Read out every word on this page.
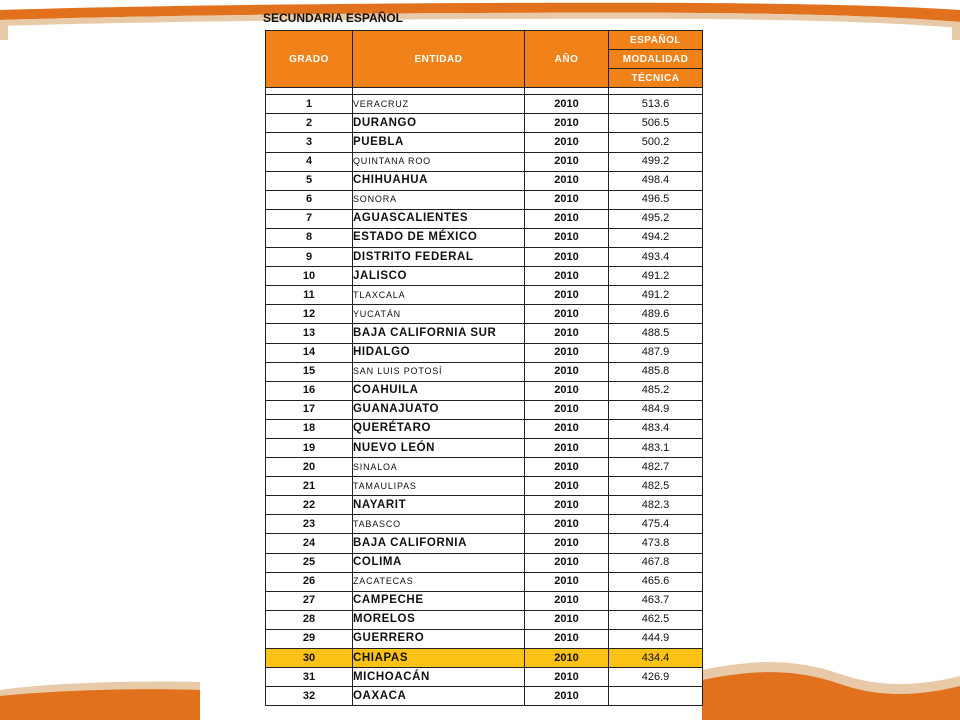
SECUNDARIA ESPAÑOL
GRADO	ENTIDAD	AÑO	ESPAÑOL
			MODALIDAD
			TÉCNICA

1	VERACRUZ	2010	513.6
2	DURANGO	2010	506.5
3	PUEBLA	2010	500.2
4	QUINTANA ROO	2010	499.2
5	CHIHUAHUA	2010	498.4
6	SONORA	2010	496.5
7	AGUASCALIENTES	2010	495.2
8	ESTADO DE MÉXICO	2010	494.2
9	DISTRITO FEDERAL	2010	493.4
10	JALISCO	2010	491.2
11	TLAXCALA	2010	491.2
12	YUCATÁN	2010	489.6
13	BAJA CALIFORNIA SUR	2010	488.5
14	HIDALGO	2010	487.9
15	SAN LUIS POTOSÍ	2010	485.8
16	COAHUILA	2010	485.2
17	GUANAJUATO	2010	484.9
18	QUERÉTARO	2010	483.4
19	NUEVO LEÓN	2010	483.1
20	SINALOA	2010	482.7
21	TAMAULIPAS	2010	482.5
22	NAYARIT	2010	482.3
23	TABASCO	2010	475.4
24	BAJA CALIFORNIA	2010	473.8
25	COLIMA	2010	467.8
26	ZACATECAS	2010	465.6
27	CAMPECHE	2010	463.7
28	MORELOS	2010	462.5
29	GUERRERO	2010	444.9
30	CHIAPAS	2010	434.4
31	MICHOACÁN	2010	426.9
32	OAXACA	2010	
